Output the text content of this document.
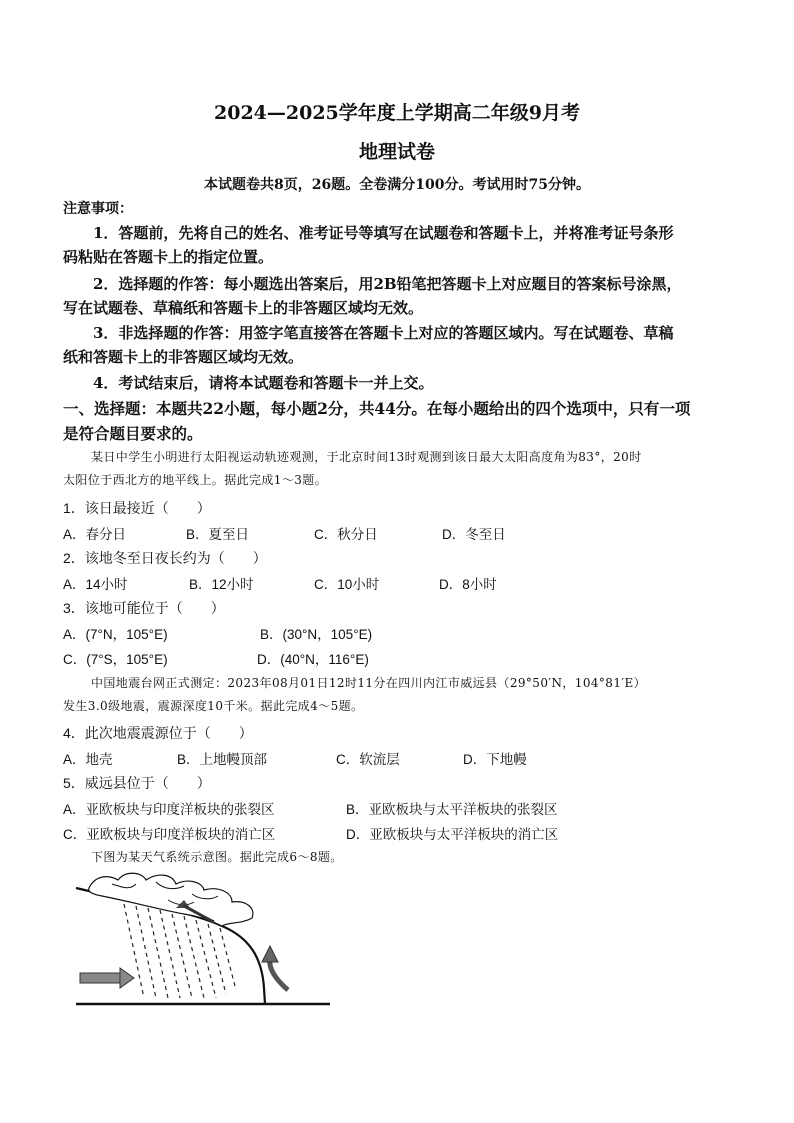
2024—2025学年度上学期高二年级9月考
地理试卷
本试题卷共8页，26题。全卷满分100分。考试用时75分钟。
注意事项：
1．答题前，先将自己的姓名、准考证号等填写在试题卷和答题卡上，并将准考证号条形
码粘贴在答题卡上的指定位置。
2．选择题的作答：每小题选出答案后，用2B铅笔把答题卡上对应题目的答案标号涂黑，
写在试题卷、草稿纸和答题卡上的非答题区域均无效。
3．非选择题的作答：用签字笔直接答在答题卡上对应的答题区域内。写在试题卷、草稿
纸和答题卡上的非答题区域均无效。
4．考试结束后，请将本试题卷和答题卡一并上交。
一、选择题：本题共22小题，每小题2分，共44分。在每小题给出的四个选项中，只有一项
是符合题目要求的。
某日中学生小明进行太阳视运动轨迹观测，于北京时间13时观测到该日最大太阳高度角为83°，20时
太阳位于西北方的地平线上。据此完成1～3题。
1．该日最接近（　　）
A．春分日	B．夏至日	C．秋分日	D．冬至日
2．该地冬至日夜长约为（　　）
A．14小时	B．12小时	C．10小时	D．8小时
3．该地可能位于（　　）
A．(7°N，105°E)	B．(30°N，105°E)
C．(7°S，105°E)	D．(40°N，116°E)
中国地震台网正式测定：2023年08月01日12时11分在四川内江市威远县（29°50′N，104°81′E）
发生3.0级地震，震源深度10千米。据此完成4～5题。
4．此次地震震源位于（　　）
A．地壳	B．上地幔顶部	C．软流层	D．下地幔
5．威远县位于（　　）
A．亚欧板块与印度洋板块的张裂区	B．亚欧板块与太平洋板块的张裂区
C．亚欧板块与印度洋板块的消亡区	D．亚欧板块与太平洋板块的消亡区
下图为某天气系统示意图。据此完成6～8题。
